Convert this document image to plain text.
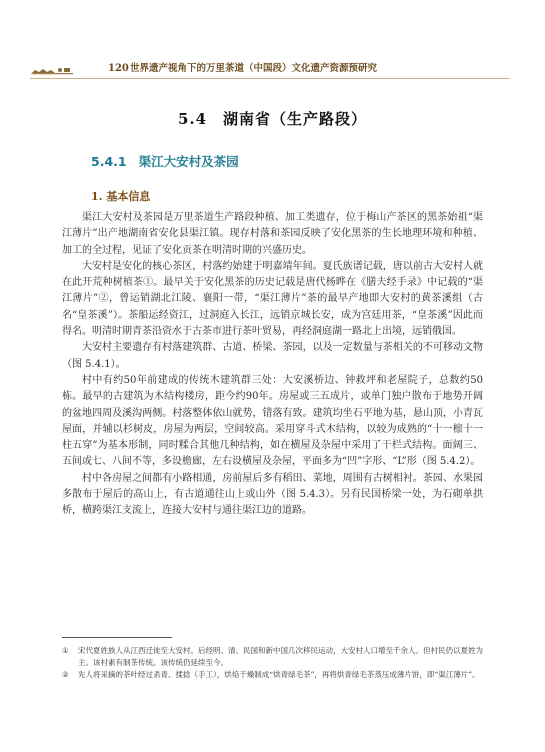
120 世界遗产视角下的万里茶道（中国段）文化遗产资源预研究
5.4　湖南省（生产路段）
5.4.1 渠江大安村及茶园
1. 基本信息

渠江大安村及茶园是万里茶道生产路段种植、加工类遗存，位于梅山产茶区的黑茶始祖“渠江薄片”出产地湖南省安化县渠江镇。现存村落和茶园反映了安化黑茶的生长地理环境和种植、加工的全过程，见证了安化贡茶在明清时期的兴盛历史。

大安村是安化的核心茶区，村落约始建于明嘉靖年间。夏氏族谱记载，唐以前古大安村人就在此开荒种树植茶①。最早关于安化黑茶的历史记载是唐代杨晔在《膳夫经手录》中记载的“渠江薄片”②，曾运销湖北江陵、襄阳一带，“渠江薄片”茶的最早产地即大安村的黄茶溪组（古名“皇茶溪”）。茶船运经资江，过洞庭入长江，远销京城长安，成为宫廷用茶，“皇茶溪”因此而得名。明清时期青茶沿资水于古茶市进行茶叶贸易，再经洞庭湖一路北上出境，远销俄国。

大安村主要遗存有村落建筑群、古道、桥梁、茶园，以及一定数量与茶相关的不可移动文物（图 5.4.1）。

村中有约50年前建成的传统木建筑群三处：大安溪桥边、钟救坪和老屋院子，总数约50栋。最早的古建筑为木结构楼房，距今约90年。房屋或三五成片，或单门独户散布于地势开阔的盆地四周及溪沟两侧。村落整体依山就势，错落有致。建筑均坐石平地为基，悬山顶，小青瓦屋面，并辅以杉树皮，房屋为两层，空间较高。采用穿斗式木结构，以较为成熟的“十一檩十一柱五穿”为基本形制，同时糅合其他几种结构，如在横屋及杂屋中采用了干栏式结构。面阔三、五间或七、八间不等，多设檐廊，左右设横屋及杂屋，平面多为“凹”字形、“L”形（图 5.4.2）。

村中各房屋之间都有小路相通，房前屋后多有稻田、菜地，周围有古树相衬。茶园、水果园多散布于屋后的高山上，有古道通往山上或山外（图 5.4.3）。另有民国桥梁一处，为石砌单拱桥，横跨渠江支流上，连接大安村与通往渠江边的道路。

①	宋代夏姓族人从江西迁徙至大安村。后经明、清、民国和新中国几次移民运动，大安村人口增至千余人。但村民仍以夏姓为主。该村素有制茶传统。该传统仍延续至今。
②	先人将采摘的茶叶经过杀青、揉捻（手工），烘焙干燥制成“烘青绿毛茶”，再将烘青绿毛茶蒸压成薄片饼，即“渠江薄片”。
